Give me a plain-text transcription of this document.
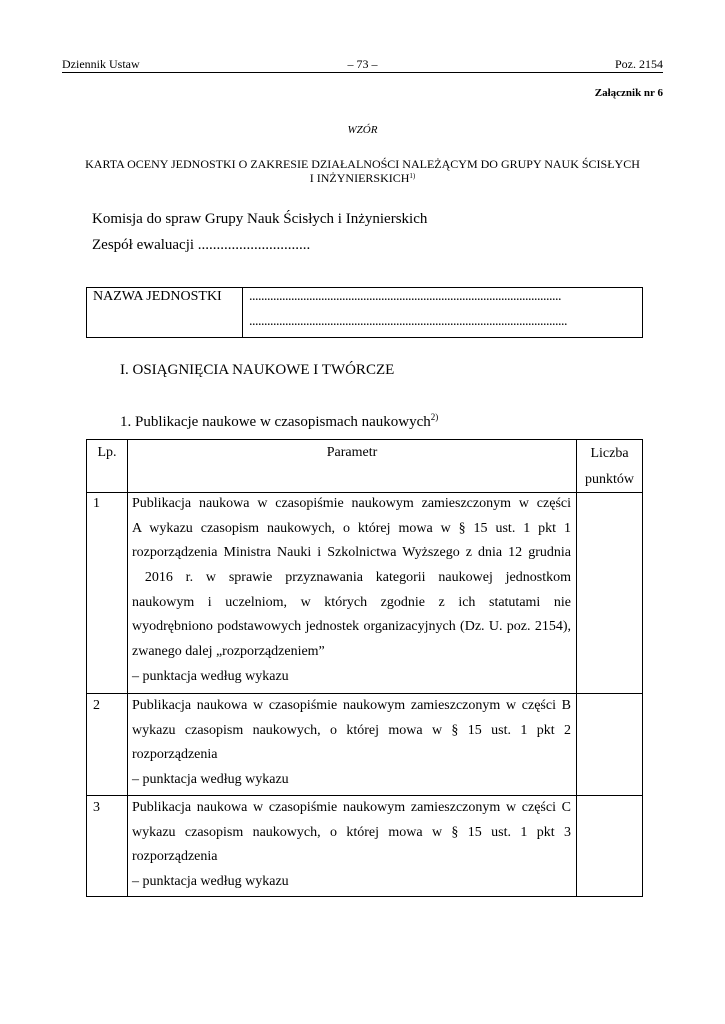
Dziennik Ustaw	– 73 –	Poz. 2154
Załącznik nr 6
WZÓR
KARTA OCENY JEDNOSTKI O ZAKRESIE DZIAŁALNOŚCI NALEŻĄCYM DO GRUPY NAUK ŚCISŁYCH
I INŻYNIERSKICH$^{1)}$
Komisja do spraw Grupy Nauk Ścisłych i Inżynierskich
Zespół ewaluacji ..............................
NAZWA JEDNOSTKI	........................................................................................................
..........................................................................................................
I. OSIĄGNIĘCIA NAUKOWE I TWÓRCZE
1. Publikacje naukowe w czasopismach naukowych$^{2)}$
Lp.	Parametr	Liczba
punktów
1 Publikacja naukowa w czasopiśmie naukowym zamieszczonym w części
A wykazu czasopism naukowych, o której mowa w § 15 ust. 1 pkt 1
rozporządzenia Ministra Nauki i Szkolnictwa Wyższego z dnia 12 grudnia
2016 r. w sprawie przyznawania kategorii naukowej jednostkom
naukowym i uczelniom, w których zgodnie z ich statutami nie
wyodrębniono podstawowych jednostek organizacyjnych (Dz. U. poz. 2154),
zwanego dalej „rozporządzeniem”
– punktacja według wykazu
2 Publikacja naukowa w czasopiśmie naukowym zamieszczonym w części B
wykazu czasopism naukowych, o której mowa w § 15 ust. 1 pkt 2
rozporządzenia
– punktacja według wykazu
3 Publikacja naukowa w czasopiśmie naukowym zamieszczonym w części C
wykazu czasopism naukowych, o której mowa w § 15 ust. 1 pkt 3
rozporządzenia
– punktacja według wykazu
